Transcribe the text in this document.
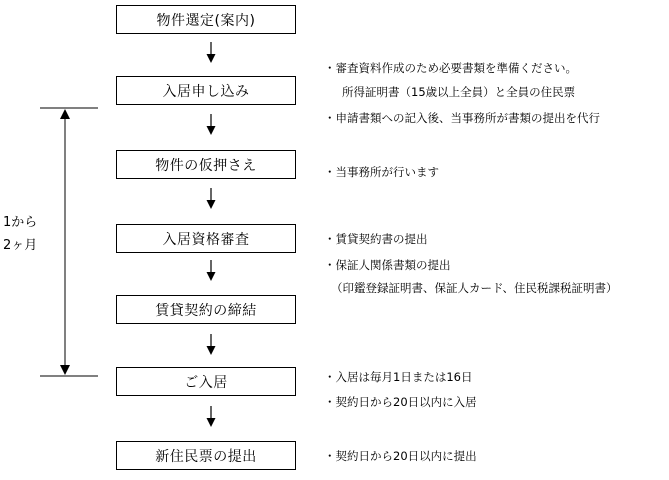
1から
2ヶ月
物件選定(案内)
入居申し込み
物件の仮押さえ
入居資格審査
賃貸契約の締結
ご入居
新住民票の提出
・審査資料作成のため必要書類を準備ください。
所得証明書（15歳以上全員）と全員の住民票
・申請書類への記入後、当事務所が書類の提出を代行
・当事務所が行います
・賃貸契約書の提出
・保証人関係書類の提出
（印鑑登録証明書、保証人カード、住民税課税証明書）
・入居は毎月1日または16日
・契約日から20日以内に入居
・契約日から20日以内に提出
